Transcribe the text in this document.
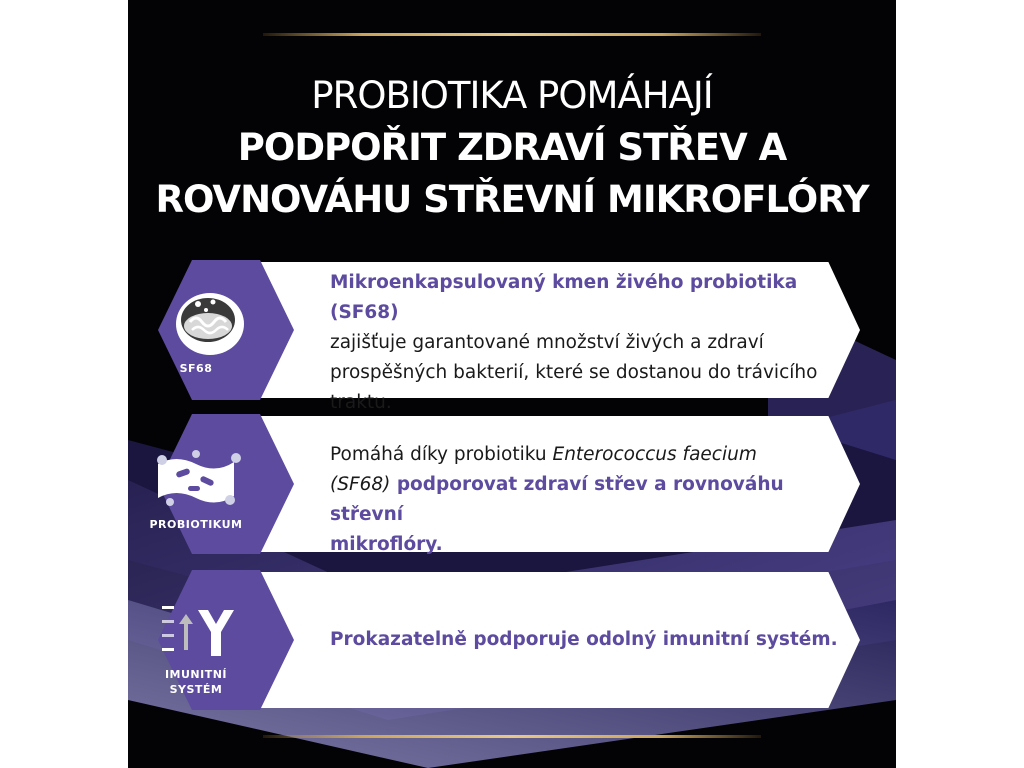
PROBIOTIKA POMÁHAJÍ
PODPOŘIT ZDRAVÍ STŘEV A
ROVNOVÁHU STŘEVNÍ MIKROFLÓRY
SF68
Mikroenkapsulovaný kmen živého probiotika (SF68)
zajišťuje garantované množství živých a zdraví
prospěšných bakterií, které se dostanou do trávicího
traktu.
PROBIOTIKUM
Pomáhá díky probiotiku Enterococcus faecium
(SF68) podporovat zdraví střev a rovnováhu střevní
mikroflóry.
IMUNITNÍ
SYSTÉM
Prokazatelně podporuje odolný imunitní systém.
